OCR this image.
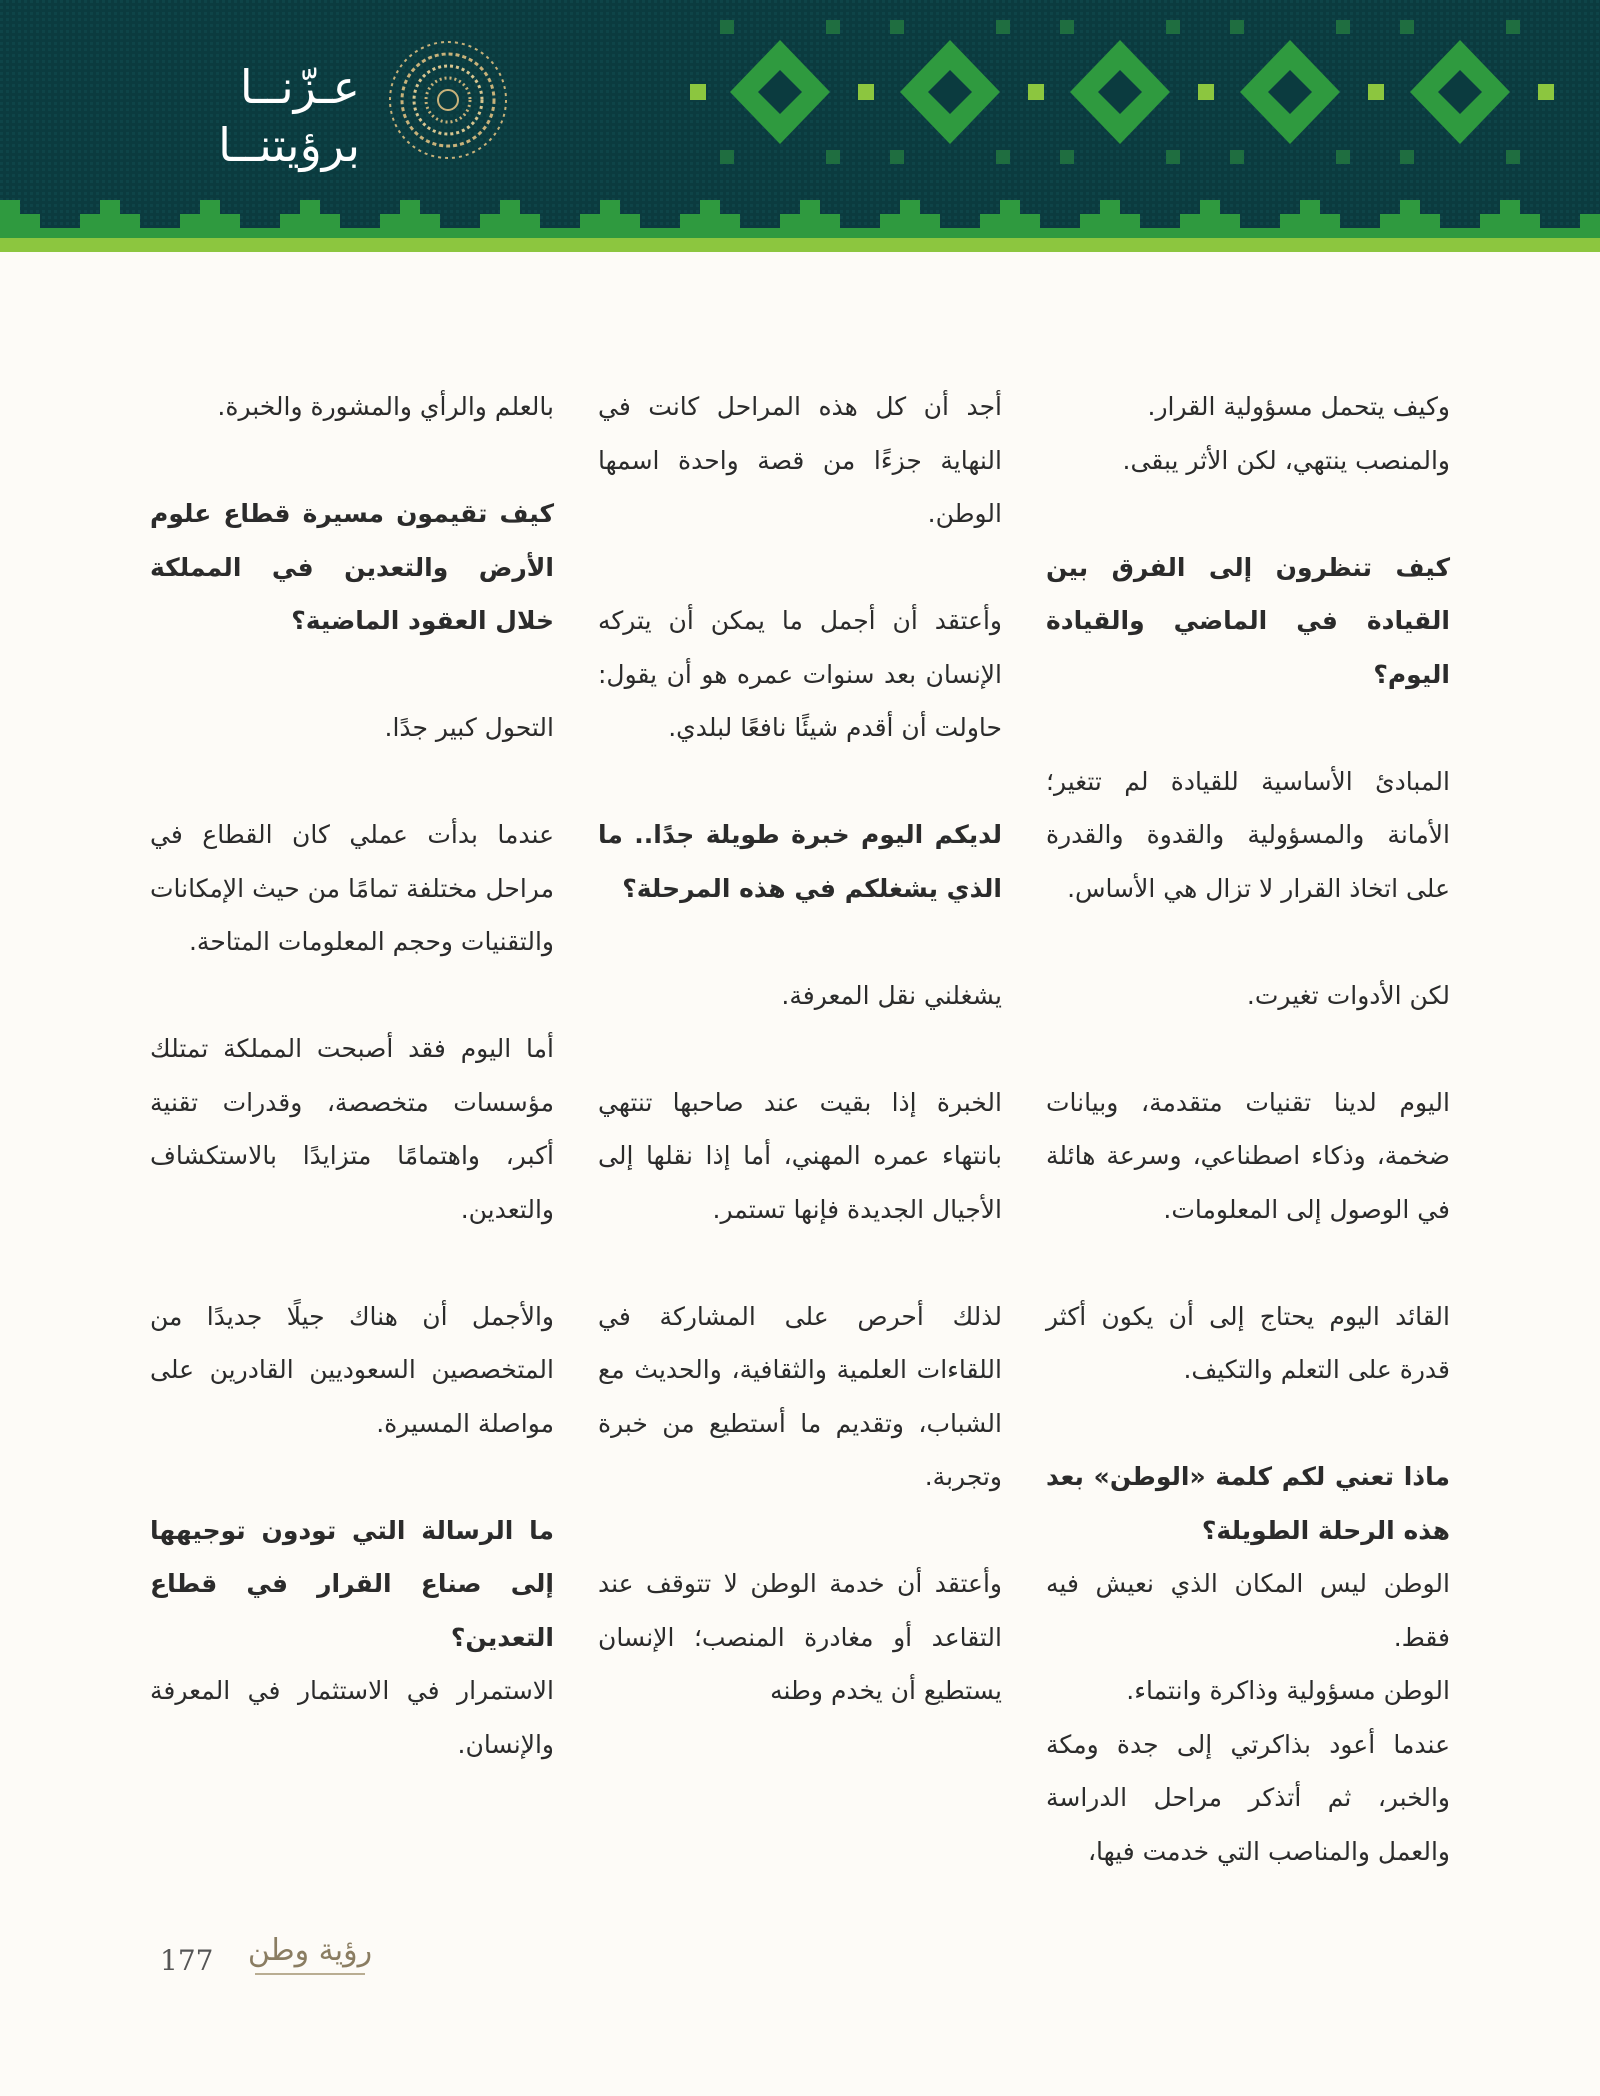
عـزّنــا
برؤيتنــا

وكيف يتحمل مسؤولية القرار.

والمنصب ينتهي، لكن الأثر يبقى.

كيف تنظرون إلى الفرق بين القيادة في الماضي والقيادة اليوم؟

المبادئ الأساسية للقيادة لم تتغير؛ الأمانة والمسؤولية والقدوة والقدرة على اتخاذ القرار لا تزال هي الأساس.

لكن الأدوات تغيرت.

اليوم لدينا تقنيات متقدمة، وبيانات ضخمة، وذكاء اصطناعي، وسرعة هائلة في الوصول إلى المعلومات.

القائد اليوم يحتاج إلى أن يكون أكثر قدرة على التعلم والتكيف.

ماذا تعني لكم كلمة «الوطن» بعد هذه الرحلة الطويلة؟

الوطن ليس المكان الذي نعيش فيه فقط.

الوطن مسؤولية وذاكرة وانتماء.

عندما أعود بذاكرتي إلى جدة ومكة والخبر، ثم أتذكر مراحل الدراسة والعمل والمناصب التي خدمت فيها،

أجد أن كل هذه المراحل كانت في النهاية جزءًا من قصة واحدة اسمها الوطن.

وأعتقد أن أجمل ما يمكن أن يتركه الإنسان بعد سنوات عمره هو أن يقول: حاولت أن أقدم شيئًا نافعًا لبلدي.

لديكم اليوم خبرة طويلة جدًا.. ما الذي يشغلكم في هذه المرحلة؟

يشغلني نقل المعرفة.

الخبرة إذا بقيت عند صاحبها تنتهي بانتهاء عمره المهني، أما إذا نقلها إلى الأجيال الجديدة فإنها تستمر.

لذلك أحرص على المشاركة في اللقاءات العلمية والثقافية، والحديث مع الشباب، وتقديم ما أستطيع من خبرة وتجربة.

وأعتقد أن خدمة الوطن لا تتوقف عند التقاعد أو مغادرة المنصب؛ الإنسان يستطيع أن يخدم وطنه

بالعلم والرأي والمشورة والخبرة.

كيف تقيمون مسيرة قطاع علوم الأرض والتعدين في المملكة خلال العقود الماضية؟

التحول كبير جدًا.

عندما بدأت عملي كان القطاع في مراحل مختلفة تمامًا من حيث الإمكانات والتقنيات وحجم المعلومات المتاحة.

أما اليوم فقد أصبحت المملكة تمتلك مؤسسات متخصصة، وقدرات تقنية أكبر، واهتمامًا متزايدًا بالاستكشاف والتعدين.

والأجمل أن هناك جيلًا جديدًا من المتخصصين السعوديين القادرين على مواصلة المسيرة.

ما الرسالة التي تودون توجيهها إلى صناع القرار في قطاع التعدين؟

الاستمرار في الاستثمار في المعرفة والإنسان.

177 رؤية وطن
